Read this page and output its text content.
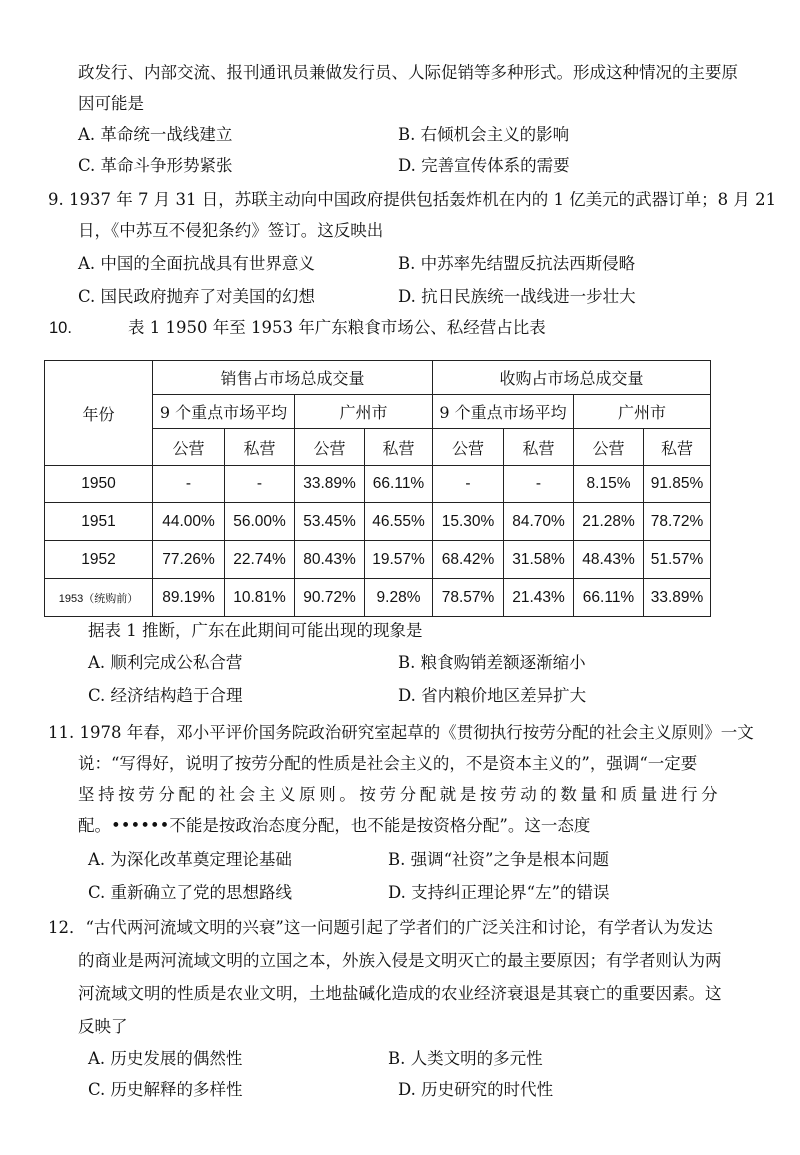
政发行、内部交流、报刊通讯员兼做发行员、人际促销等多种形式。形成这种情况的主要原
因可能是
A. 革命统一战线建立	B. 右倾机会主义的影响
C. 革命斗争形势紧张	D. 完善宣传体系的需要
9. 1937 年 7 月 31 日，苏联主动向中国政府提供包括轰炸机在内的 1 亿美元的武器订单；8 月 21
日，《中苏互不侵犯条约》签订。这反映出
A. 中国的全面抗战具有世界意义	B. 中苏率先结盟反抗法西斯侵略
C. 国民政府抛弃了对美国的幻想	D. 抗日民族统一战线进一步壮大
10.	表 1 1950 年至 1953 年广东粮食市场公、私经营占比表
年份	销售占市场总成交量				收购占市场总成交量			
	9 个重点市场平均		广州市		9 个重点市场平均		广州市	
	公营	私营	公营	私营	公营	私营	公营	私营
1950	-	-	33.89%	66.11%	-	-	8.15%	91.85%
1951	44.00%	56.00%	53.45%	46.55%	15.30%	84.70%	21.28%	78.72%
1952	77.26%	22.74%	80.43%	19.57%	68.42%	31.58%	48.43%	51.57%
1953（统购前）	89.19%	10.81%	90.72%	9.28%	78.57%	21.43%	66.11%	33.89%
据表 1 推断，广东在此期间可能出现的现象是
A. 顺利完成公私合营	B. 粮食购销差额逐渐缩小
C. 经济结构趋于合理	D. 省内粮价地区差异扩大
11. 1978 年春，邓小平评价国务院政治研究室起草的《贯彻执行按劳分配的社会主义原则》一文
说：“写得好，说明了按劳分配的性质是社会主义的，不是资本主义的”，强调“一定要
坚持按劳分配的社会主义原则。按劳分配就是按劳动的数量和质量进行分
配。••••••不能是按政治态度分配，也不能是按资格分配”。这一态度
A. 为深化改革奠定理论基础	B. 强调“社资”之争是根本问题
C. 重新确立了党的思想路线	D. 支持纠正理论界“左”的错误
12．“古代两河流域文明的兴衰”这一问题引起了学者们的广泛关注和讨论，有学者认为发达
的商业是两河流域文明的立国之本，外族入侵是文明灭亡的最主要原因；有学者则认为两
河流域文明的性质是农业文明，土地盐碱化造成的农业经济衰退是其衰亡的重要因素。这
反映了
A. 历史发展的偶然性	B. 人类文明的多元性
C. 历史解释的多样性	D. 历史研究的时代性
